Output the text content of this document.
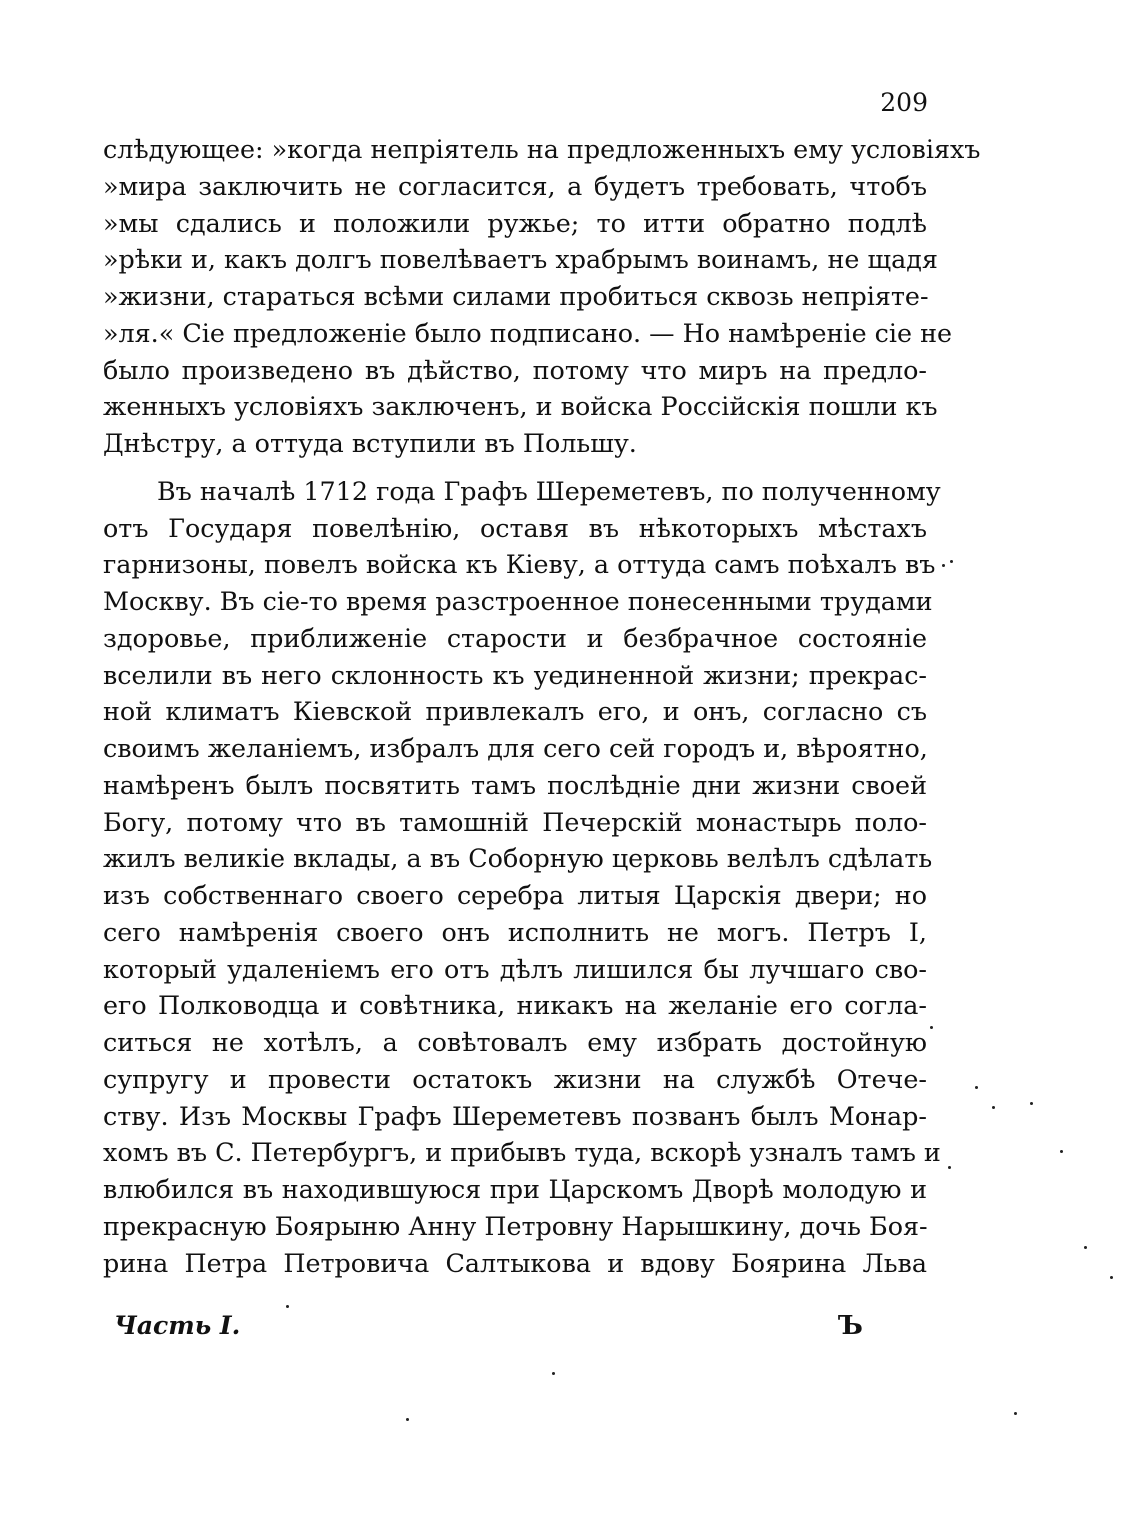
209
слѣдующее: »когда непріятель на предложенныхъ ему условіяхъ
»мира заключить не согласится, а будетъ требовать, чтобъ
»мы сдались и положили ружье; то итти обратно подлѣ
»рѣки и, какъ долгъ повелѣваетъ храбрымъ воинамъ, не щадя
»жизни, стараться всѣми силами пробиться сквозь непріяте-
»ля.« Сіе предложеніе было подписано. — Но намѣреніе сіе не
было произведено въ дѣйство, потому что миръ на предло-
женныхъ условіяхъ заключенъ, и войска Россійскія пошли къ
Днѣстру, а оттуда вступили въ Польшу.
Въ началѣ 1712 года Графъ Шереметевъ, по полученному
отъ Государя повелѣнію, оставя въ нѣкоторыхъ мѣстахъ
гарнизоны, повелъ войска къ Кіеву, а оттуда самъ поѣхалъ въ
Москву. Въ сіе-то время разстроенное понесенными трудами
здоровье, приближеніе старости и безбрачное состояніе
вселили въ него склонность къ уединенной жизни; прекрас-
ной климатъ Кіевской привлекалъ его, и онъ, согласно съ
своимъ желаніемъ, избралъ для сего сей городъ и, вѣроятно,
намѣренъ былъ посвятить тамъ послѣдніе дни жизни своей
Богу, потому что въ тамошній Печерскій монастырь поло-
жилъ великіе вклады, а въ Соборную церковь велѣлъ сдѣлать
изъ собственнаго своего серебра литыя Царскія двери; но
сего намѣренія своего онъ исполнить не могъ. Петръ I,
который удаленіемъ его отъ дѣлъ лишился бы лучшаго сво-
его Полководца и совѣтника, никакъ на желаніе его согла-
ситься не хотѣлъ, а совѣтовалъ ему избрать достойную
супругу и провести остатокъ жизни на службѣ Отече-
ству. Изъ Москвы Графъ Шереметевъ позванъ былъ Монар-
хомъ въ С. Петербургъ, и прибывъ туда, вскорѣ узналъ тамъ и
влюбился въ находившуюся при Царскомъ Дворѣ молодую и
прекрасную Боярыню Анну Петровну Нарышкину, дочь Боя-
рина Петра Петровича Салтыкова и вдову Боярина Льва
Часть I.	Ъ
